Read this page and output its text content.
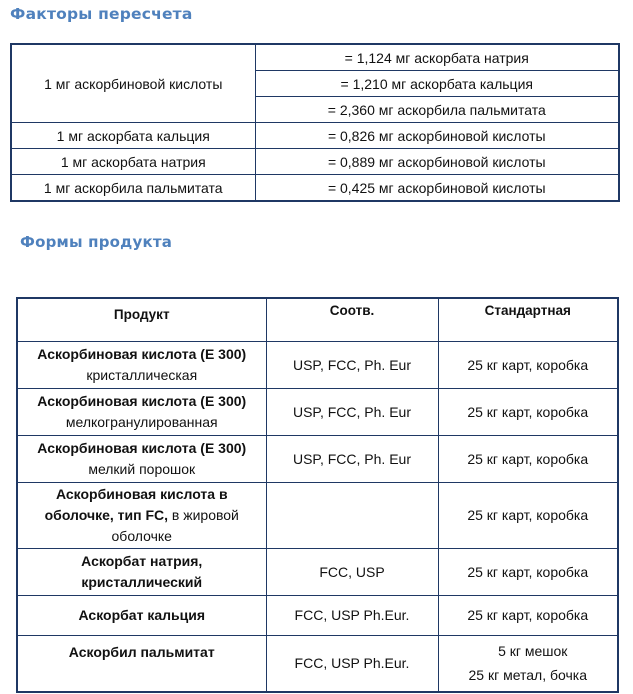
Факторы пересчета
1 мг аскорбиновой кислоты	= 1,124 мг аскорбата натрия
	= 1,210 мг аскорбата кальция
	= 2,360 мг аскорбила пальмитата
1 мг аскорбата кальция	= 0,826 мг аскорбиновой кислоты
1 мг аскорбата натрия	= 0,889 мг аскорбиновой кислоты
1 мг аскорбила пальмитата	= 0,425 мг аскорбиновой кислоты
Формы продукта
Продукт	Соотв.	Стандартная

Аскорбиновая кислота (E 300)
кристаллическая	USP, FCC, Ph. Eur	25 кг карт, коробка

Аскорбиновая кислота (E 300)
мелкогранулированная	USP, FCC, Ph. Eur	25 кг карт, коробка

Аскорбиновая кислота (E 300)
мелкий порошок	USP, FCC, Ph. Eur	25 кг карт, коробка

Аскорбиновая кислота в
оболочке, тип FC, в жировой
оболочке		25 кг карт, коробка

Аскорбат натрия,
кристаллический	FCC, USP	25 кг карт, коробка

Аскорбат кальция	FCC, USP Ph.Eur.	25 кг карт, коробка

Аскорбил пальмитат	FCC, USP Ph.Eur.	5 кг мешок
25 кг метал, бочка
